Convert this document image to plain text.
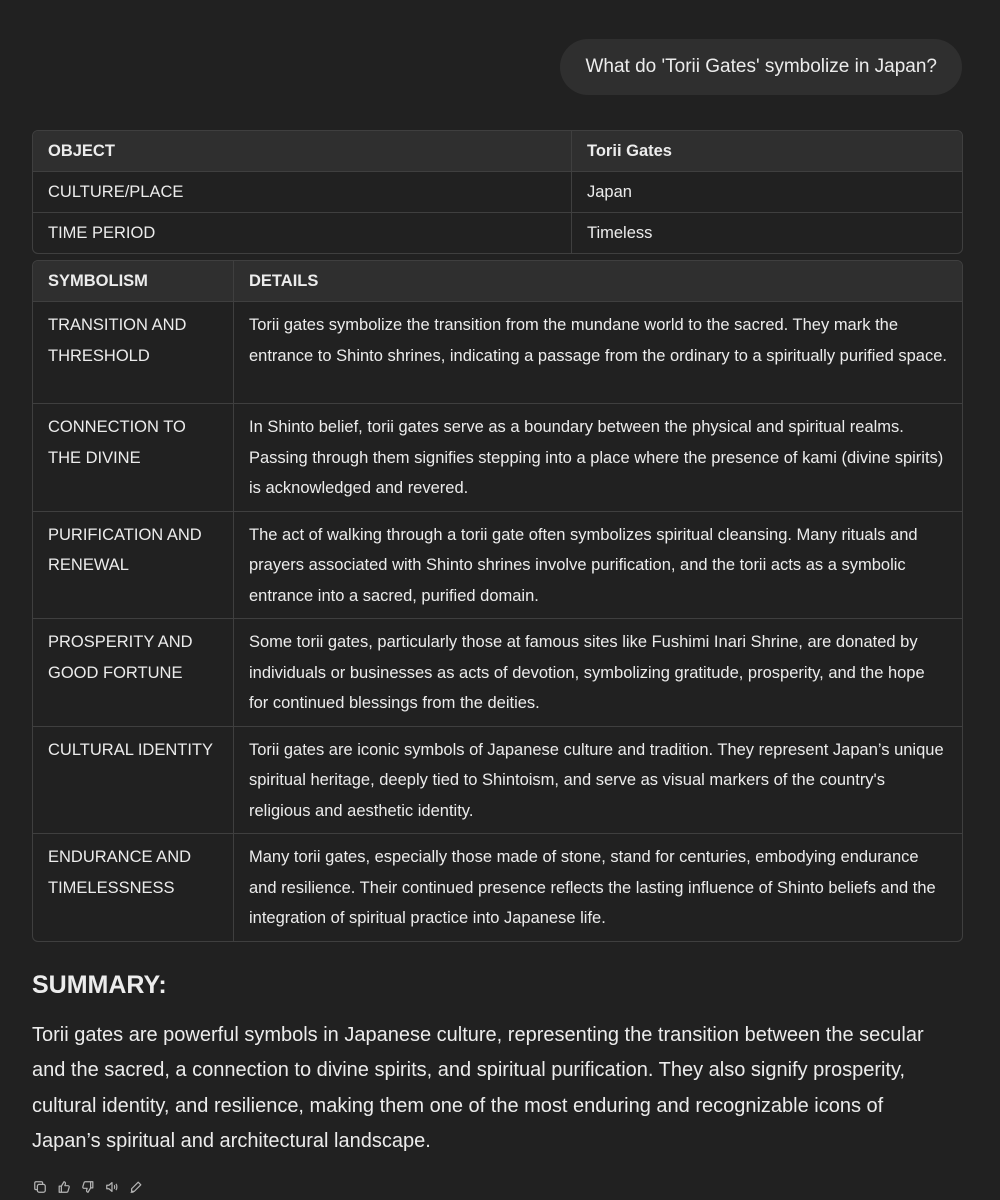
What do 'Torii Gates' symbolize in Japan?
OBJECT	Torii Gates
CULTURE/PLACE	Japan
TIME PERIOD	Timeless
SYMBOLISM	DETAILS
TRANSITION AND THRESHOLD	Torii gates symbolize the transition from the mundane world to the sacred. They mark the entrance to Shinto shrines, indicating a passage from the ordinary to a spiritually purified space.
CONNECTION TO THE DIVINE	In Shinto belief, torii gates serve as a boundary between the physical and spiritual realms. Passing through them signifies stepping into a place where the presence of kami (divine spirits) is acknowledged and revered.
PURIFICATION AND RENEWAL	The act of walking through a torii gate often symbolizes spiritual cleansing. Many rituals and prayers associated with Shinto shrines involve purification, and the torii acts as a symbolic entrance into a sacred, purified domain.
PROSPERITY AND GOOD FORTUNE	Some torii gates, particularly those at famous sites like Fushimi Inari Shrine, are donated by individuals or businesses as acts of devotion, symbolizing gratitude, prosperity, and the hope for continued blessings from the deities.
CULTURAL IDENTITY	Torii gates are iconic symbols of Japanese culture and tradition. They represent Japan’s unique spiritual heritage, deeply tied to Shintoism, and serve as visual markers of the country's religious and aesthetic identity.
ENDURANCE AND TIMELESSNESS	Many torii gates, especially those made of stone, stand for centuries, embodying endurance and resilience. Their continued presence reflects the lasting influence of Shinto beliefs and the integration of spiritual practice into Japanese life.
SUMMARY:
Torii gates are powerful symbols in Japanese culture, representing the transition between the secular and the sacred, a connection to divine spirits, and spiritual purification. They also signify prosperity, cultural identity, and resilience, making them one of the most enduring and recognizable icons of Japan’s spiritual and architectural landscape.
